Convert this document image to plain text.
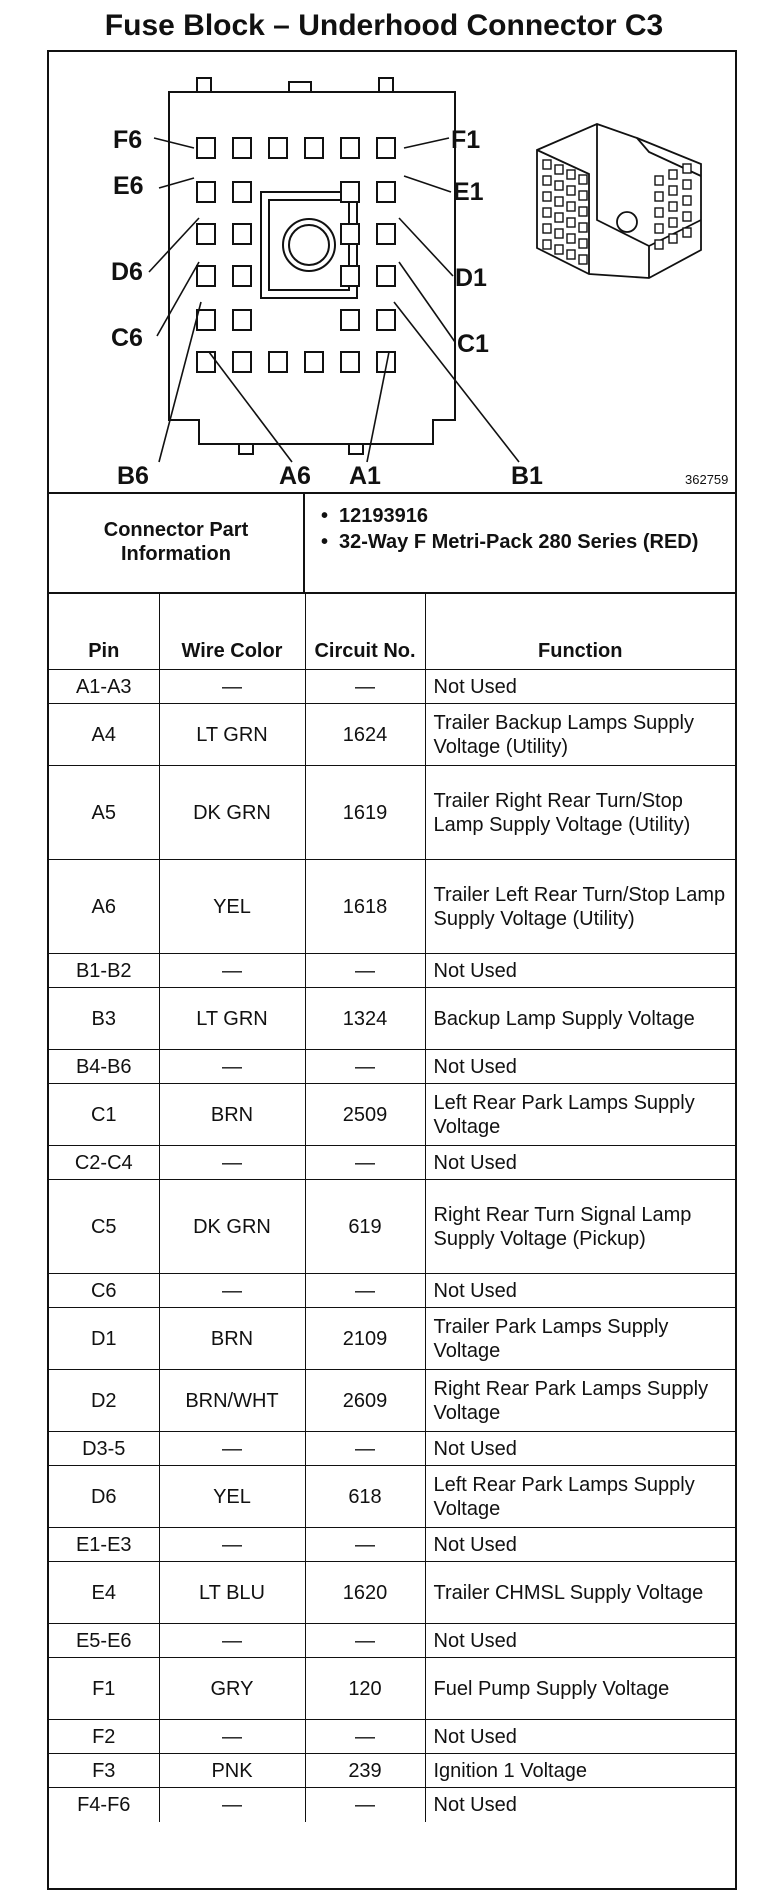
Fuse Block – Underhood Connector C3
F6
E6
D6
C6
F1
E1
D1
C1
B6	A6 A1	B1	362759
Connector Part Information
• 12193916
• 32-Way F Metri-Pack 280 Series (RED)
Pin	Wire Color	Circuit No.	Function
A1-A3	—	—	Not Used
A4	LT GRN	1624	Trailer Backup Lamps Supply Voltage (Utility)
A5	DK GRN	1619	Trailer Right Rear Turn/Stop Lamp Supply Voltage (Utility)
A6	YEL	1618	Trailer Left Rear Turn/Stop Lamp Supply Voltage (Utility)
B1-B2	—	—	Not Used
B3	LT GRN	1324	Backup Lamp Supply Voltage
B4-B6	—	—	Not Used
C1	BRN	2509	Left Rear Park Lamps Supply Voltage
C2-C4	—	—	Not Used
C5	DK GRN	619	Right Rear Turn Signal Lamp Supply Voltage (Pickup)
C6	—	—	Not Used
D1	BRN	2109	Trailer Park Lamps Supply Voltage
D2	BRN/WHT	2609	Right Rear Park Lamps Supply Voltage
D3-5	—	—	Not Used
D6	YEL	618	Left Rear Park Lamps Supply Voltage
E1-E3	—	—	Not Used
E4	LT BLU	1620	Trailer CHMSL Supply Voltage
E5-E6	—	—	Not Used
F1	GRY	120	Fuel Pump Supply Voltage
F2	—	—	Not Used
F3	PNK	239	Ignition 1 Voltage
F4-F6	—	—	Not Used
